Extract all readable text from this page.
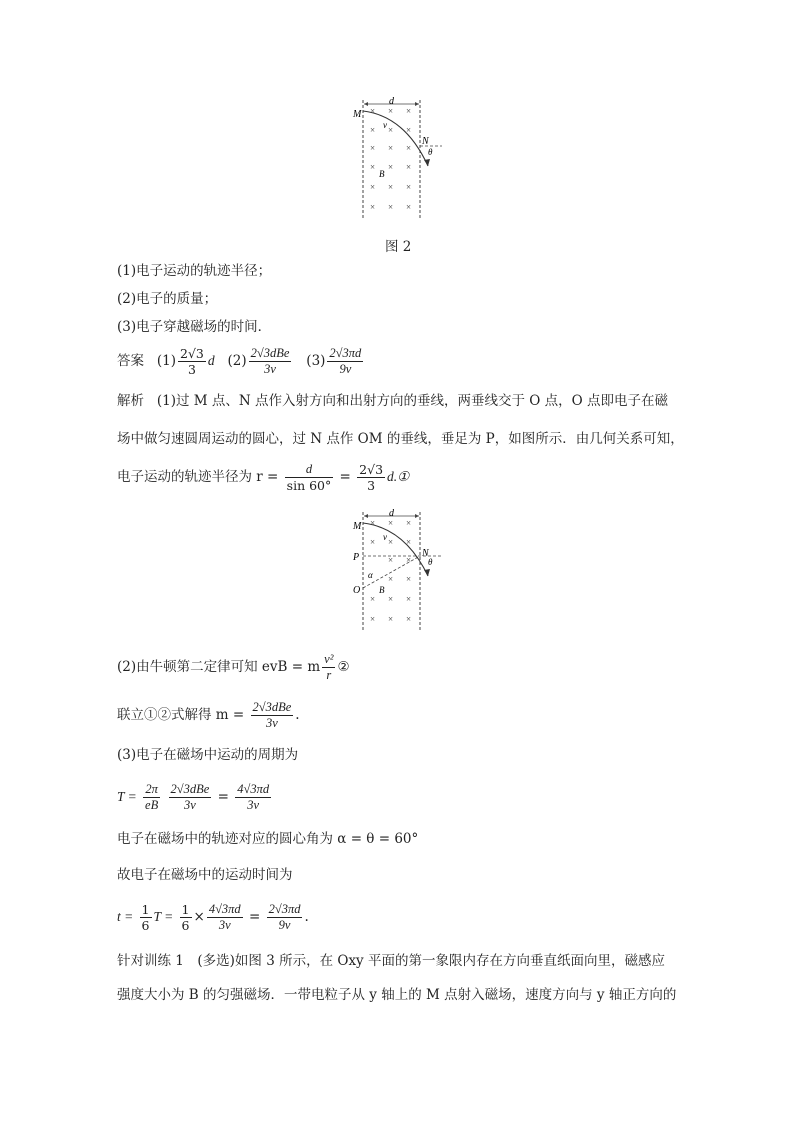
d
M
N
v
B
θ
× × ×
× × ×
× × ×
× × ×
× × ×
× × ×
图 2
(1)电子运动的轨迹半径；
(2)电子的质量；
(3)电子穿越磁场的时间．
答案 $(1) \frac{2√3}{3}$ d $(2) \frac{\text{2√3dBe}}{3v} (3) \frac{2√3\pi d}{9v}$
解析 (1)过 M 点、N 点作入射方向和出射方向的垂线，两垂线交于 O 点，O 点即电子在磁
场中做匀速圆周运动的圆心，过 N 点作 OM 的垂线，垂足为 P，如图所示．由几何关系可知，
电子运动的轨迹半径为 $r = \frac{d}{\sin 60^\circ} = \frac{2√3}{3}$ d.①
d
M
N
v
P
O
α
B
θ
× × ×
× × ×
× ×
× ×
× × ×
× × ×
(2)由牛顿第二定律可知 evB = m $\frac{\text{v²}}{r}$ ②
联立①②式解得 $m = \frac{\text{2√3dBe}}{3v}$ .
(3)电子在磁场中运动的周期为
$T = \frac{2\pi}{eB}$
$\frac{\text{2√3dBe}}{3v} = \frac{4√3\pi d}{3v}$
电子在磁场中的轨迹对应的圆心角为 α = θ = 60°
故电子在磁场中的运动时间为
$t = \frac{1}{6}$ $T = \frac{1}{6} \times \frac{4√3\pi d}{3v} = \frac{2√3\pi d}{9v}$ .
针对训练 1　(多选)如图 3 所示，在 Oxy 平面的第一象限内存在方向垂直纸面向里，磁感应
强度大小为 B 的匀强磁场．一带电粒子从 y 轴上的 M 点射入磁场，速度方向与 y 轴正方向的
